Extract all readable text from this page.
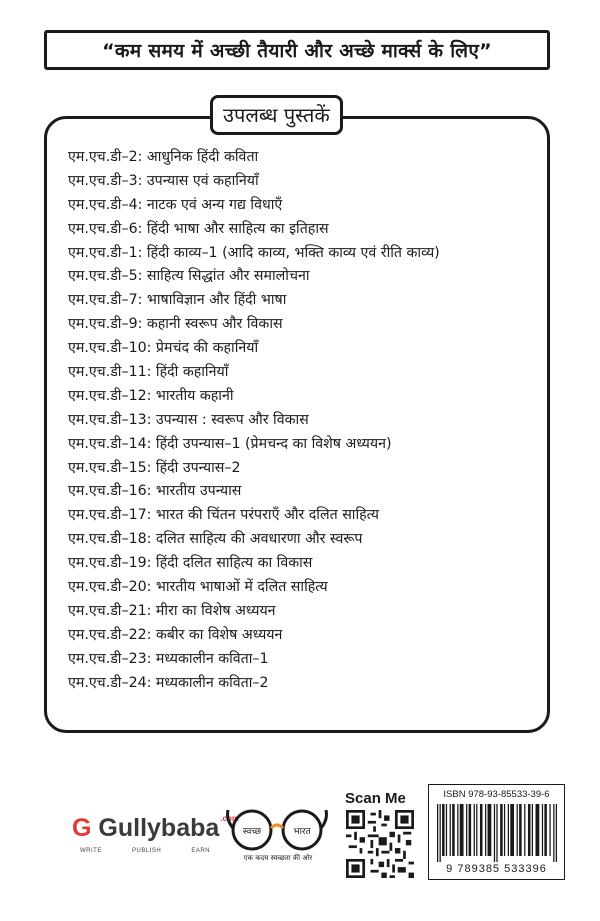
“कम समय में अच्छी तैयारी और अच्छे मार्क्स के लिए”
उपलब्ध पुस्तकें
एम.एच.डी–2: आधुनिक हिंदी कविता
एम.एच.डी–3: उपन्यास एवं कहानियाँ
एम.एच.डी–4: नाटक एवं अन्य गद्य विधाएँ
एम.एच.डी–6: हिंदी भाषा और साहित्य का इतिहास
एम.एच.डी–1: हिंदी काव्य–1 (आदि काव्य, भक्ति काव्य एवं रीति काव्य)
एम.एच.डी–5: साहित्य सिद्धांत और समालोचना
एम.एच.डी–7: भाषाविज्ञान और हिंदी भाषा
एम.एच.डी–9: कहानी स्वरूप और विकास
एम.एच.डी–10: प्रेमचंद की कहानियाँ
एम.एच.डी–11: हिंदी कहानियाँ
एम.एच.डी–12: भारतीय कहानी
एम.एच.डी–13: उपन्यास : स्वरूप और विकास
एम.एच.डी–14: हिंदी उपन्यास–1 (प्रेमचन्द का विशेष अध्ययन)
एम.एच.डी–15: हिंदी उपन्यास–2
एम.एच.डी–16: भारतीय उपन्यास
एम.एच.डी–17: भारत की चिंतन परंपराएँ और दलित साहित्य
एम.एच.डी–18: दलित साहित्य की अवधारणा और स्वरूप
एम.एच.डी–19: हिंदी दलित साहित्य का विकास
एम.एच.डी–20: भारतीय भाषाओं में दलित साहित्य
एम.एच.डी–21: मीरा का विशेष अध्ययन
एम.एच.डी–22: कबीर का विशेष अध्ययन
एम.एच.डी–23: मध्यकालीन कविता–1
एम.एच.डी–24: मध्यकालीन कविता–2
G Gullybaba$^{.com}$
WRITE	PUBLISH	EARN
स्वच्छ	भारत
एक कदम स्वच्छता की ओर
Scan Me	ISBN 978-93-85533-39-6
9 789385 533396
